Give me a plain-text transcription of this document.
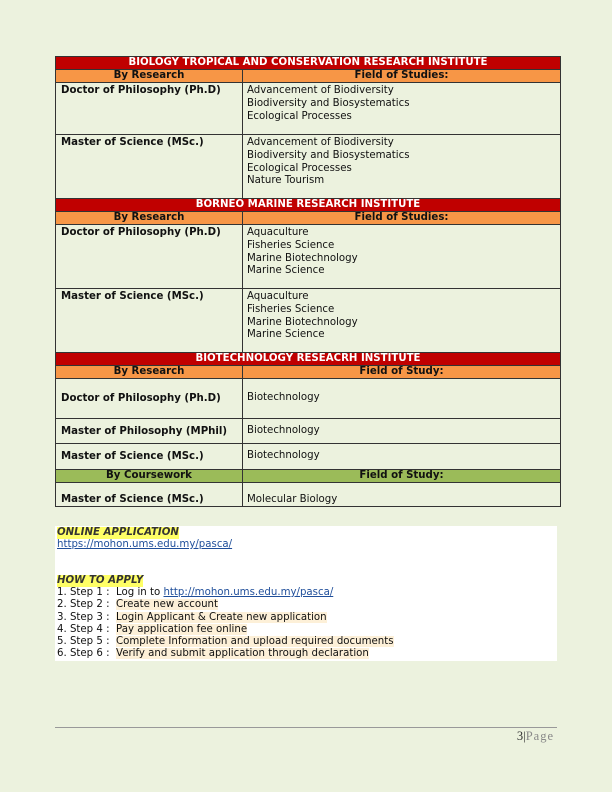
BIOLOGY TROPICAL AND CONSERVATION RESEARCH INSTITUTE	
By Research	Field of Studies:
Doctor of Philosophy (Ph.D)	Advancement of Biodiversity
Biodiversity and Biosystematics
Ecological Processes

Master of Science (MSc.)	Advancement of Biodiversity
Biodiversity and Biosystematics
Ecological Processes
Nature Tourism

BORNEO MARINE RESEARCH INSTITUTE	
By Research	Field of Studies:
Doctor of Philosophy (Ph.D)	Aquaculture
Fisheries Science
Marine Biotechnology
Marine Science

Master of Science (MSc.)	Aquaculture
Fisheries Science
Marine Biotechnology
Marine Science

BIOTECHNOLOGY RESEACRH INSTITUTE	
By Research	Field of Study:
Doctor of Philosophy (Ph.D)	Biotechnology

Master of Philosophy (MPhil)	Biotechnology

Master of Science (MSc.)	Biotechnology

By Coursework	Field of Study:
Master of Science (MSc.)	Molecular Biology
ONLINE APPLICATION
https://mohon.ums.edu.my/pasca/
HOW TO APPLY
1. Step 1 : Log in to http://mohon.ums.edu.my/pasca/
2. Step 2 : Create new account
3. Step 3 : Login Applicant & Create new application
4. Step 4 : Pay application fee online
5. Step 5 : Complete Information and upload required documents
6. Step 6 : Verify and submit application through declaration
3|Page
